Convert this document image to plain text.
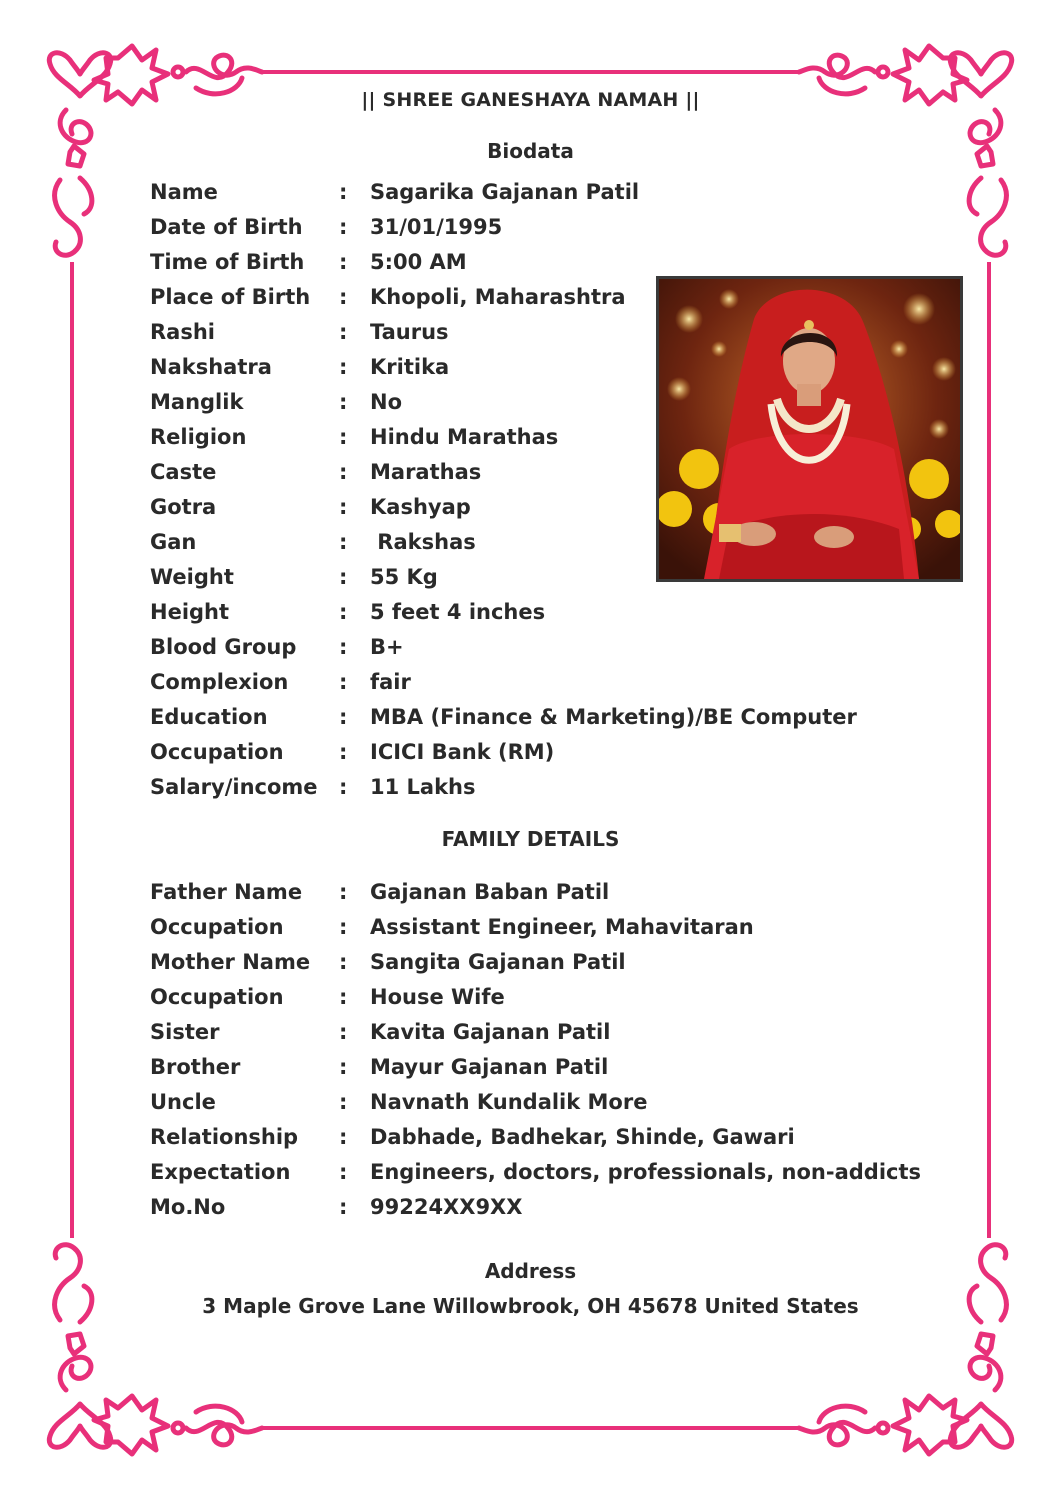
|| SHREE GANESHAYA NAMAH ||
Biodata
Name	: Sagarika Gajanan Patil
Date of Birth : 31/01/1995
Time of Birth : 5:00 AM
Place of Birth : Khopoli, Maharashtra
Rashi	: Taurus
Nakshatra	: Kritika
Manglik	: No
Religion	: Hindu Marathas
Caste	: Marathas
Gotra	: Kashyap
Gan	: Rakshas
Weight	: 55 Kg
Height	: 5 feet 4 inches
Blood Group : B+
Complexion : fair
Education	: MBA (Finance & Marketing)/BE Computer
Occupation	: ICICI Bank (RM)
Salary/income : 11 Lakhs
FAMILY DETAILS
Father Name : Gajanan Baban Patil
Occupation	: Assistant Engineer, Mahavitaran
Mother Name : Sangita Gajanan Patil
Occupation	: House Wife
Sister	: Kavita Gajanan Patil
Brother	: Mayur Gajanan Patil
Uncle	: Navnath Kundalik More
Relationship : Dabhade, Badhekar, Shinde, Gawari
Expectation : Engineers, doctors, professionals, non-addicts
Mo.No	: 99224XX9XX
Address
3 Maple Grove Lane Willowbrook, OH 45678 United States
